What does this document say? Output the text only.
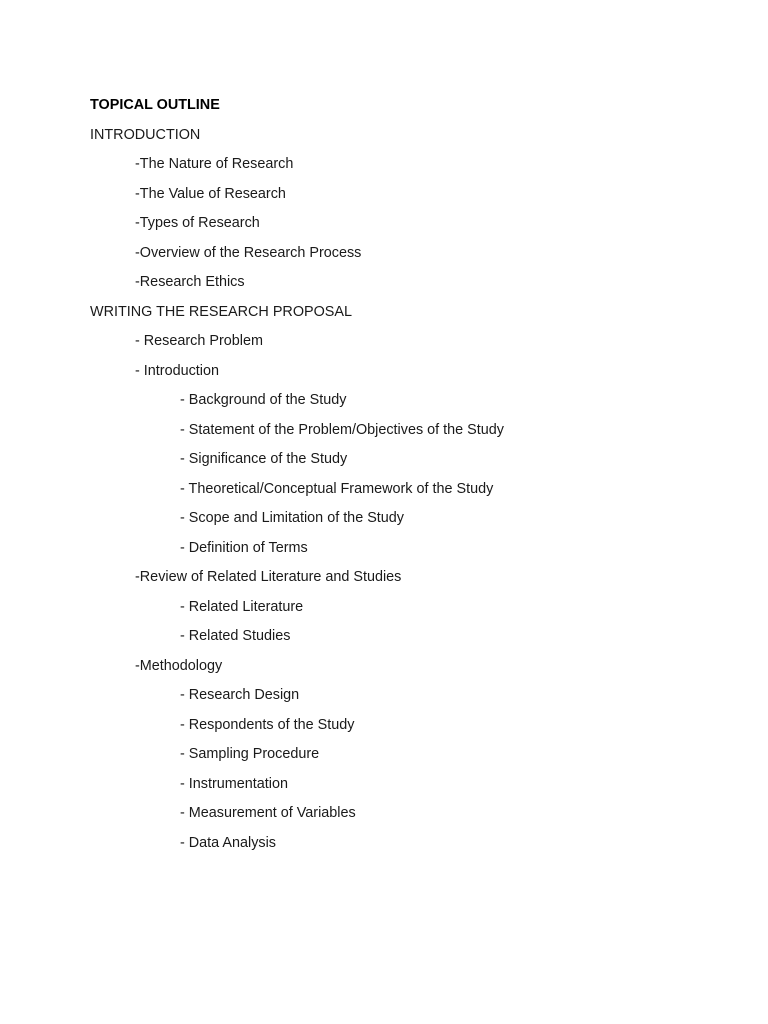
TOPICAL OUTLINE
INTRODUCTION
-The Nature of Research
-The Value of Research
-Types of Research
-Overview of the Research Process
-Research Ethics
WRITING THE RESEARCH PROPOSAL
- Research Problem
- Introduction
- Background of the Study
- Statement of the Problem/Objectives of the Study
- Significance of the Study
- Theoretical/Conceptual Framework of the Study
- Scope and Limitation of the Study
- Definition of Terms
-Review of Related Literature and Studies
- Related Literature
- Related Studies
-Methodology
- Research Design
- Respondents of the Study
- Sampling Procedure
- Instrumentation
- Measurement of Variables
- Data Analysis
